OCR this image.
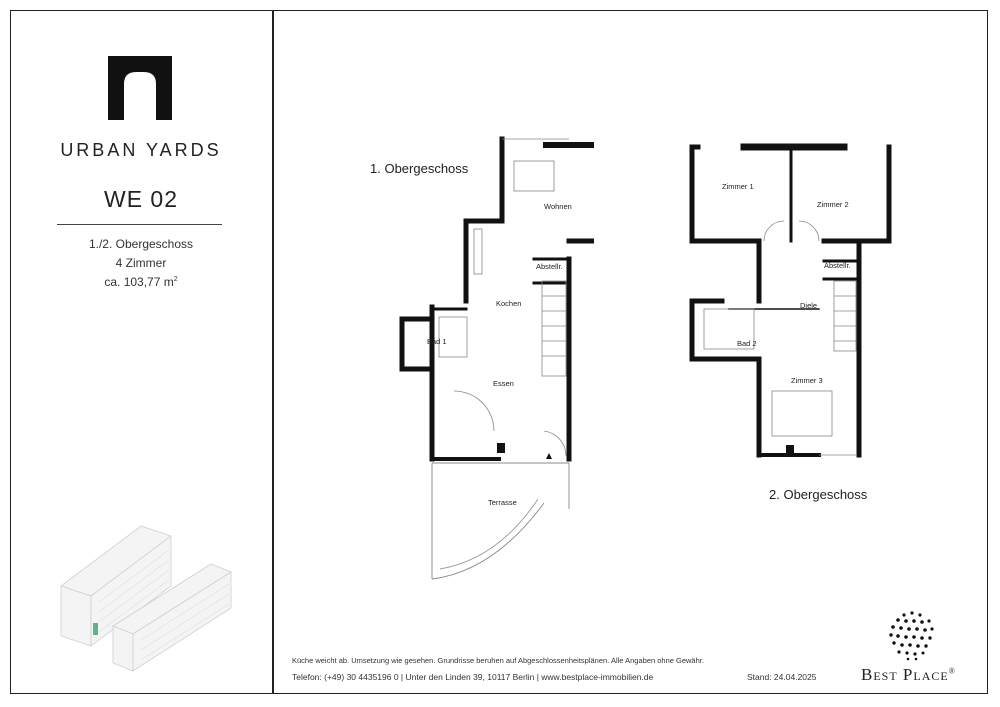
URBAN YARDS
WE 02
1./2. Obergeschoss
4 Zimmer
ca. 103,77 $m^2$
1. Obergeschoss
2. Obergeschoss
Wohnen
Abstellr.
Kochen
Bad 1
Essen
Terrasse
Zimmer 1
Zimmer 2
Abstellr.
Diele
Bad 2
Zimmer 3
Küche weicht ab. Umsetzung wie gesehen. Grundrisse beruhen auf Abgeschlossenheitsplänen. Alle Angaben ohne Gewähr.
Telefon: (+49) 30 4435196 0 | Unter den Linden 39, 10117 Berlin | www.bestplace-immobilien.de	Stand: 24.04.2025	Best Place®
